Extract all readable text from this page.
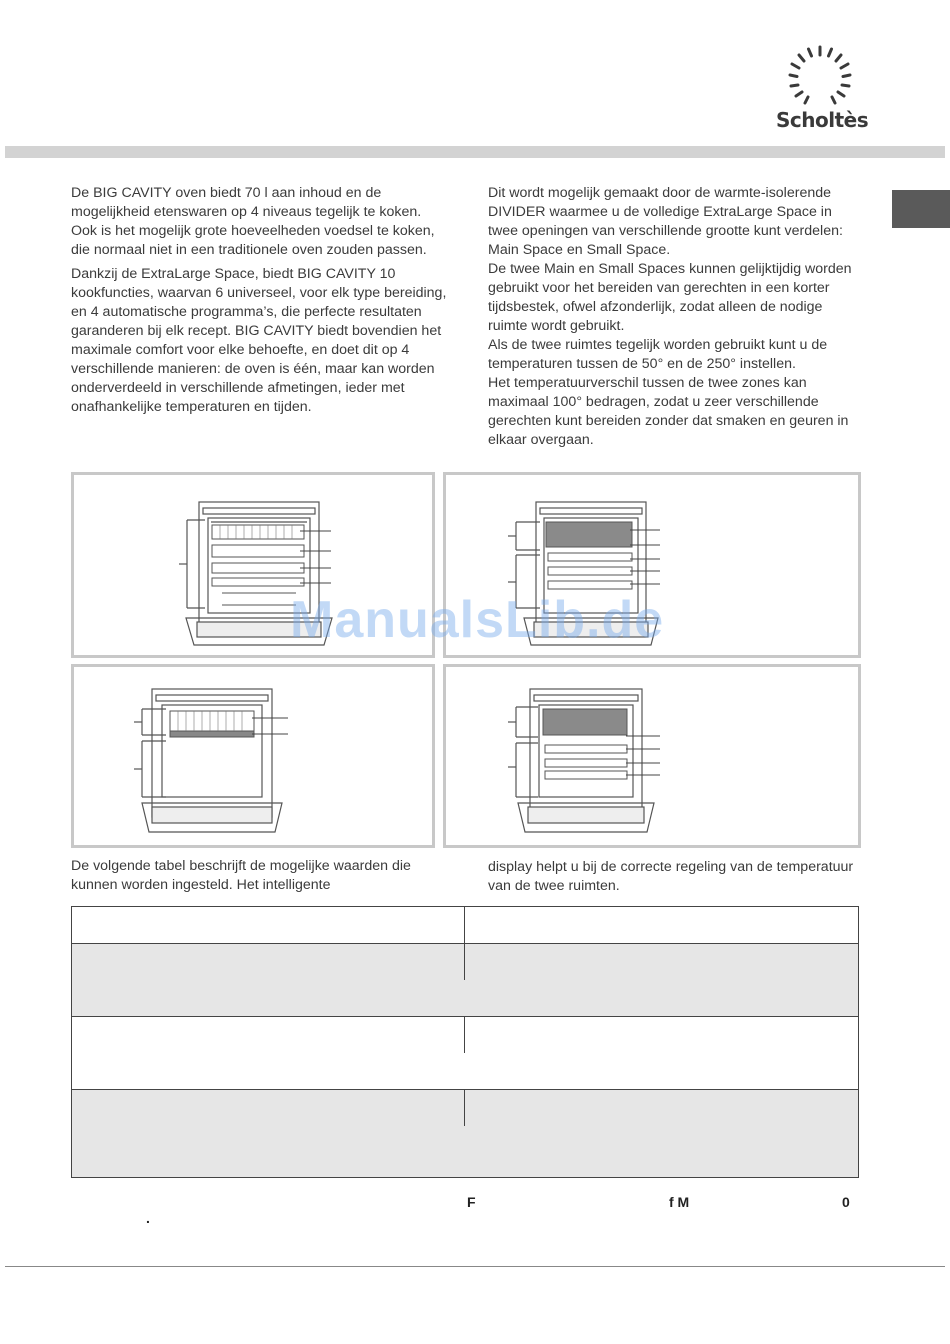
Scholtès

De BIG CAVITY oven biedt 70 l aan inhoud en de mogelijkheid etenswaren op 4 niveaus tegelijk te koken. Ook is het mogelijk grote hoeveelheden voedsel te koken, die normaal niet in een traditionele oven zouden passen.

Dankzij de ExtraLarge Space, biedt BIG CAVITY 10 kookfuncties, waarvan 6 universeel, voor elk type bereiding, en 4 automatische programma’s, die perfecte resultaten garanderen bij elk recept. BIG CAVITY biedt bovendien het maximale comfort voor elke behoefte, en doet dit op 4 verschillende manieren: de oven is één, maar kan worden onderverdeeld in verschillende afmetingen, ieder met onafhankelijke temperaturen en tijden.

Dit wordt mogelijk gemaakt door de warmte-isolerende DIVIDER waarmee u de volledige ExtraLarge Space in twee openingen van verschillende grootte kunt verdelen: Main Space en Small Space.

De twee Main en Small Spaces kunnen gelijktijdig worden gebruikt voor het bereiden van gerechten in een korter tijdsbestek, ofwel afzonderlijk, zodat alleen de nodige ruimte wordt gebruikt.

Als de twee ruimtes tegelijk worden gebruikt kunt u de temperaturen tussen de 50° en de 250° instellen.

Het temperatuurverschil tussen de twee zones kan maximaal 100° bedragen, zodat u zeer verschillende gerechten kunt bereiden zonder dat smaken en geuren in elkaar overgaan.

ManualsLib.de
De volgende tabel beschrijft de mogelijke waarden die kunnen worden ingesteld. Het intelligente
display helpt u bij de correcte regeling van de temperatuur van de twee ruimten.
F	f M	0
.
